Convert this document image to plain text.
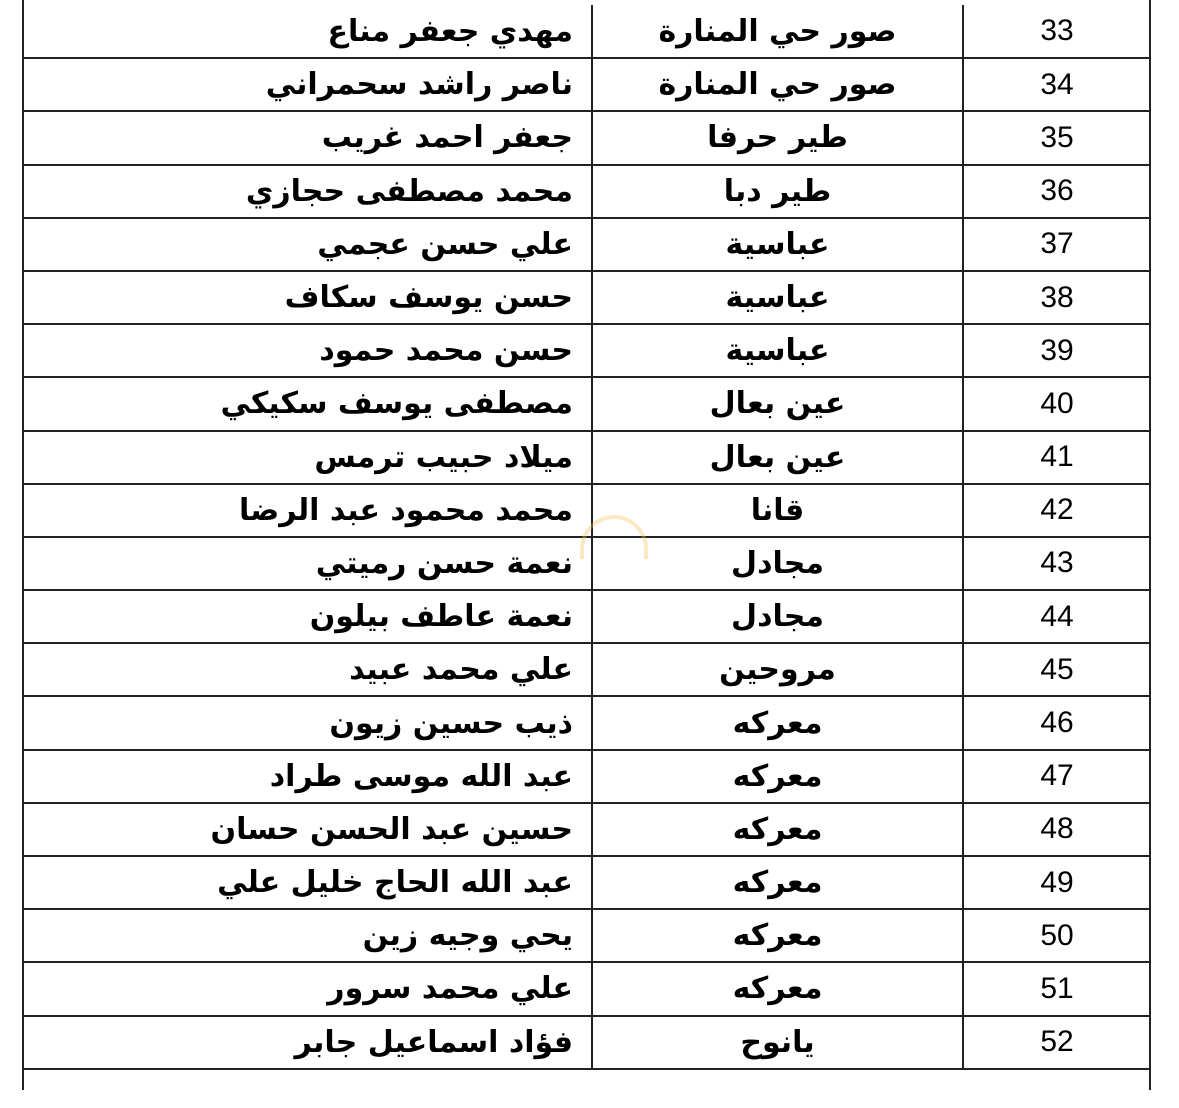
مهدي جعفر مناع	صور حي المنارة	33
ناصر راشد سحمراني	صور حي المنارة	34
جعفر احمد غريب	طير حرفا	35
محمد مصطفى حجازي	طير دبا	36
علي حسن عجمي	عباسية	37
حسن يوسف سكاف	عباسية	38
حسن محمد حمود	عباسية	39
مصطفى يوسف سكيكي	عين بعال	40
ميلاد حبيب ترمس	عين بعال	41
محمد محمود عبد الرضا	قانا	42
نعمة حسن رميتي	مجادل	43
نعمة عاطف بيلون	مجادل	44
علي محمد عبيد	مروحين	45
ذيب حسين زيون	معركه	46
عبد الله موسى طراد	معركه	47
حسين عبد الحسن حسان	معركه	48
عبد الله الحاج خليل علي	معركه	49
يحي وجيه زين	معركه	50
علي محمد سرور	معركه	51
فؤاد اسماعيل جابر	يانوح	52
